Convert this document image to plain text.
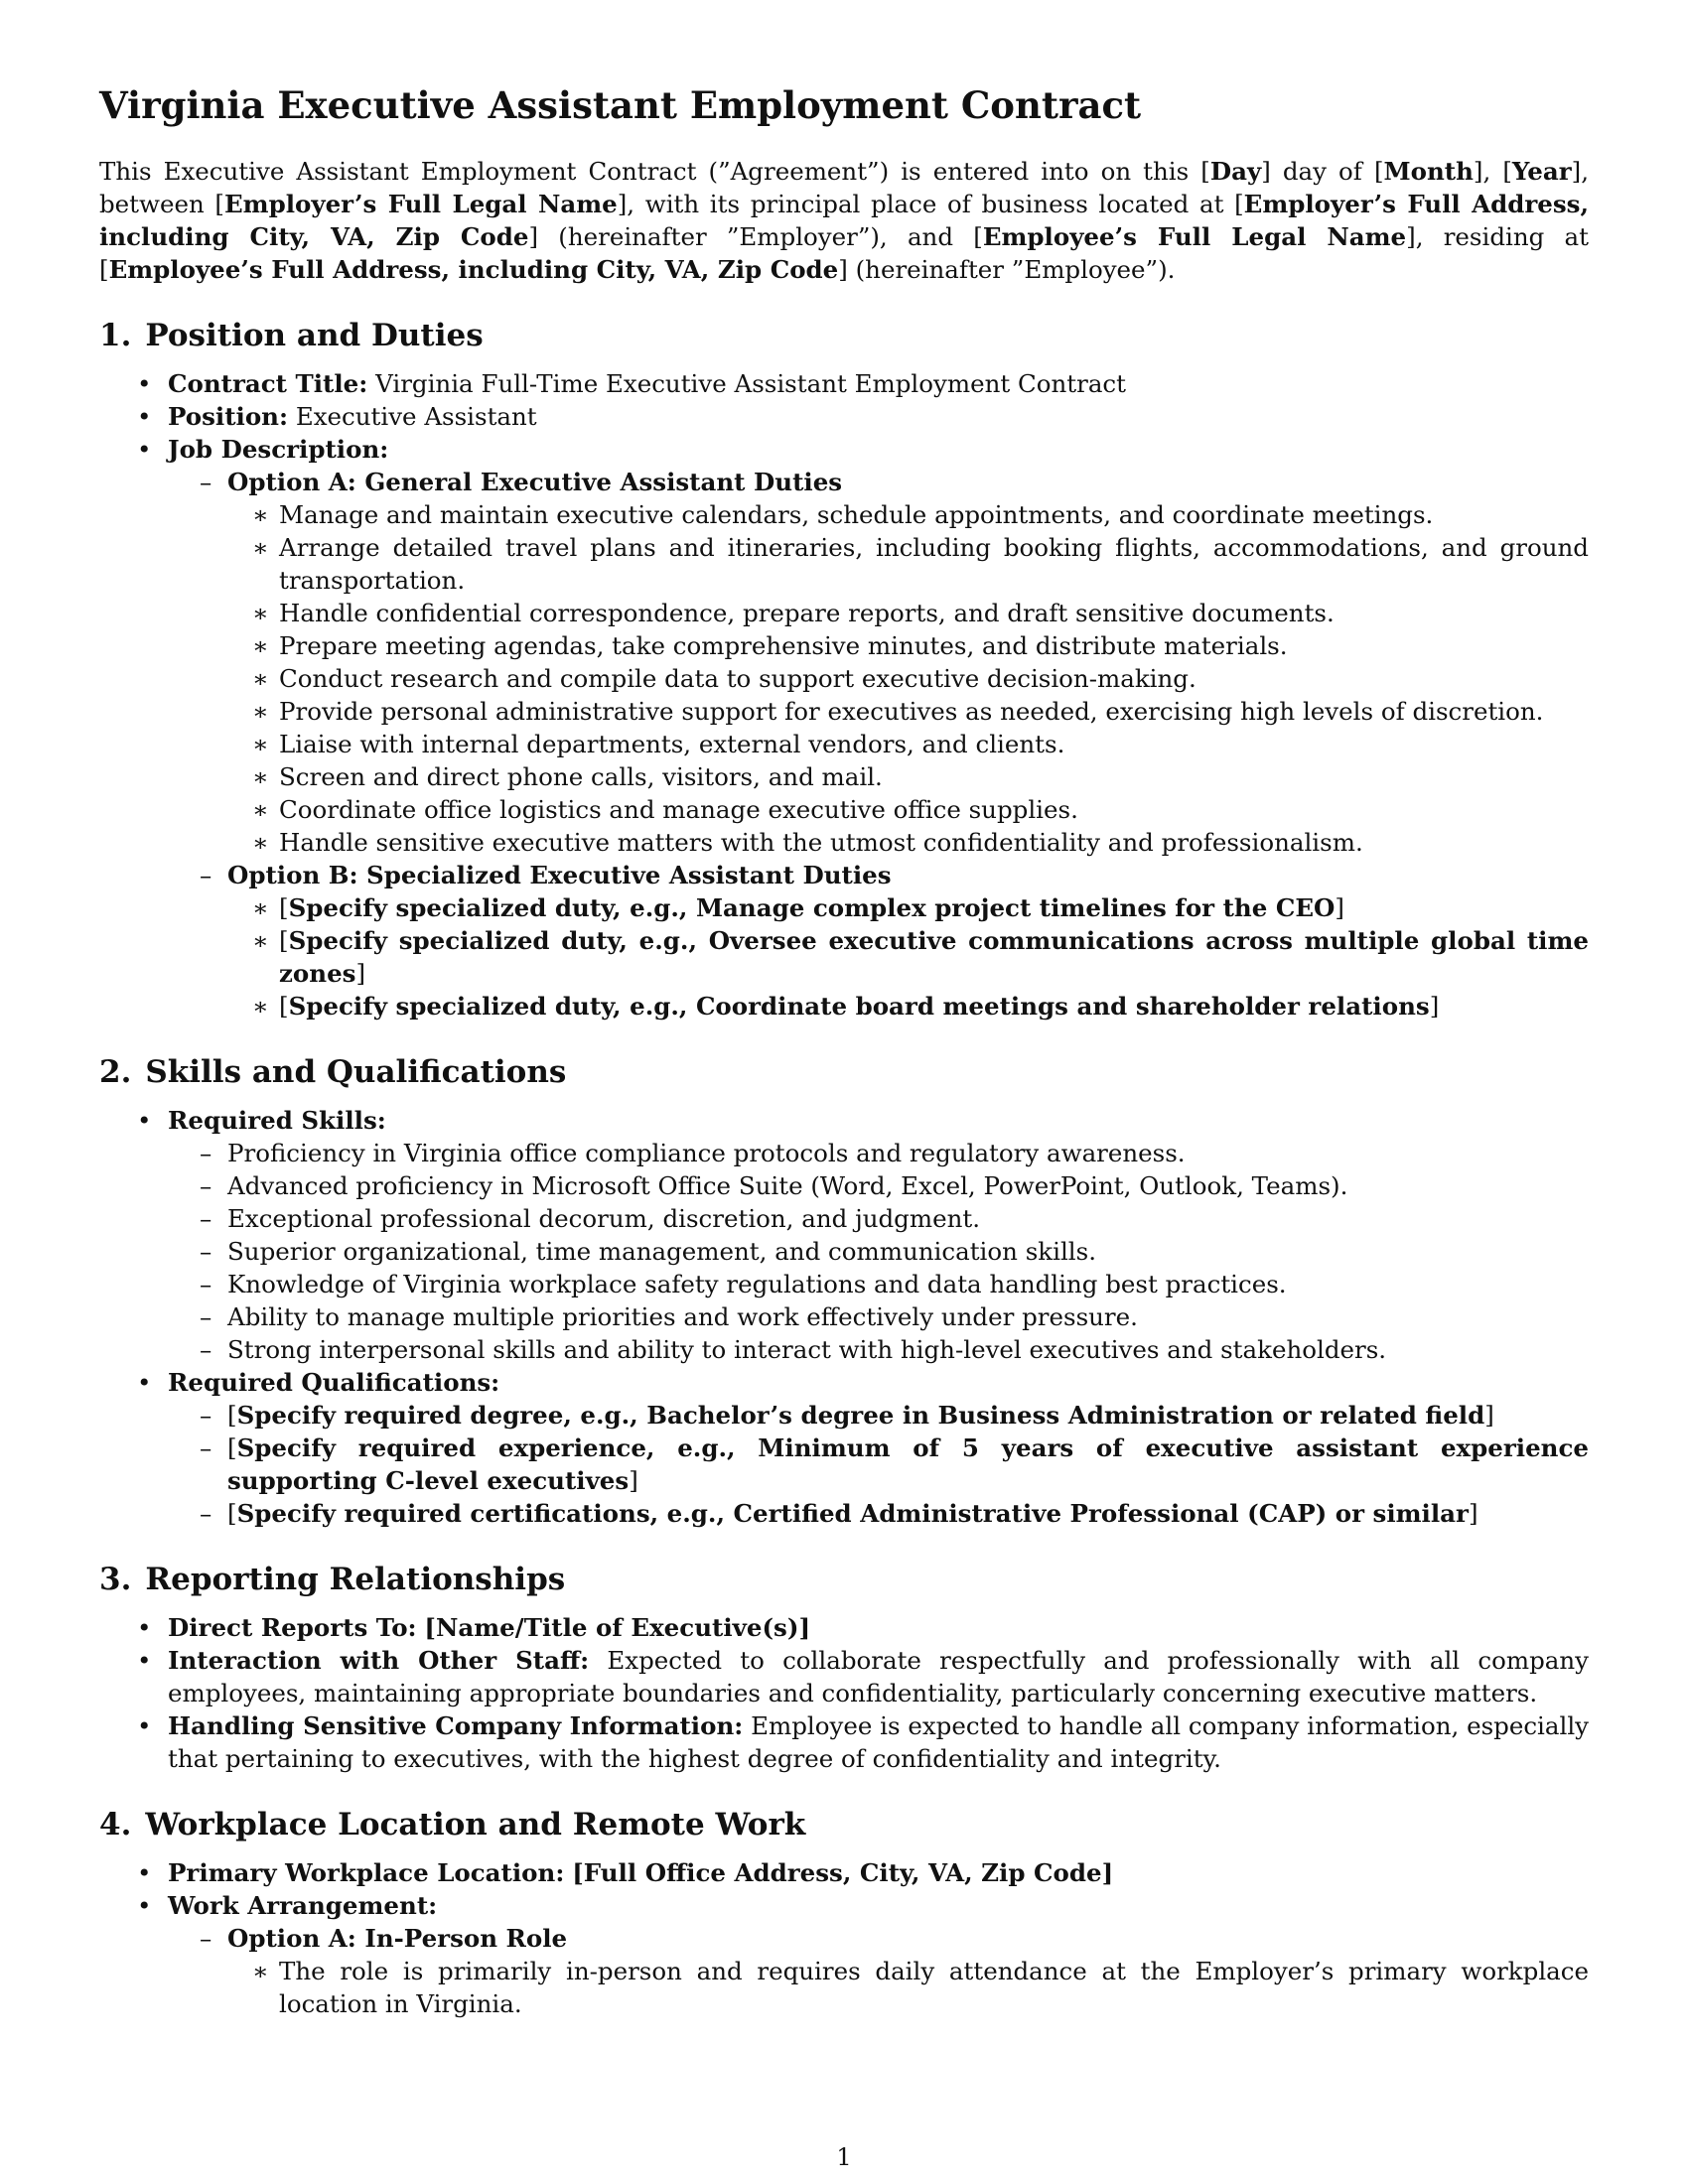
Virginia Executive Assistant Employment Contract

This Executive Assistant Employment Contract (”Agreement”) is entered into on this [Day] day of [Month], [Year], between [Employer’s Full Legal Name], with its principal place of business located at [Employer’s Full Address, including City, VA, Zip Code] (hereinafter ”Employer”), and [Employee’s Full Legal Name], residing at [Employee’s Full Address, including City, VA, Zip Code] (hereinafter ”Employee”).

1. Position and Duties
• Contract Title: Virginia Full-Time Executive Assistant Employment Contract
• Position: Executive Assistant
• Job Description:
– Option A: General Executive Assistant Duties
∗ Manage and maintain executive calendars, schedule appointments, and coordinate meetings.
∗ Arrange detailed travel plans and itineraries, including booking flights, accommodations, and ground transportation.
∗ Handle confidential correspondence, prepare reports, and draft sensitive documents.
∗ Prepare meeting agendas, take comprehensive minutes, and distribute materials.
∗ Conduct research and compile data to support executive decision-making.
∗ Provide personal administrative support for executives as needed, exercising high levels of discretion.
∗ Liaise with internal departments, external vendors, and clients.
∗ Screen and direct phone calls, visitors, and mail.
∗ Coordinate office logistics and manage executive office supplies.
∗ Handle sensitive executive matters with the utmost confidentiality and professionalism.
– Option B: Specialized Executive Assistant Duties
∗ [Specify specialized duty, e.g., Manage complex project timelines for the CEO]
∗ [Specify specialized duty, e.g., Oversee executive communications across multiple global time zones]
∗ [Specify specialized duty, e.g., Coordinate board meetings and shareholder relations]
2. Skills and Qualifications
• Required Skills:
– Proficiency in Virginia office compliance protocols and regulatory awareness.
– Advanced proficiency in Microsoft Office Suite (Word, Excel, PowerPoint, Outlook, Teams).
– Exceptional professional decorum, discretion, and judgment.
– Superior organizational, time management, and communication skills.
– Knowledge of Virginia workplace safety regulations and data handling best practices.
– Ability to manage multiple priorities and work effectively under pressure.
– Strong interpersonal skills and ability to interact with high-level executives and stakeholders.
• Required Qualifications:
– [Specify required degree, e.g., Bachelor’s degree in Business Administration or related field]
– [Specify required experience, e.g., Minimum of 5 years of executive assistant experience supporting C-level executives]
– [Specify required certifications, e.g., Certified Administrative Professional (CAP) or similar]
3. Reporting Relationships
• Direct Reports To: [Name/Title of Executive(s)]
• Interaction with Other Staff: Expected to collaborate respectfully and professionally with all company employees, maintaining appropriate boundaries and confidentiality, particularly concerning executive matters.
• Handling Sensitive Company Information: Employee is expected to handle all company information, especially that pertaining to executives, with the highest degree of confidentiality and integrity.
4. Workplace Location and Remote Work
• Primary Workplace Location: [Full Office Address, City, VA, Zip Code]
• Work Arrangement:
– Option A: In-Person Role
∗ The role is primarily in-person and requires daily attendance at the Employer’s primary workplace location in Virginia.
1
